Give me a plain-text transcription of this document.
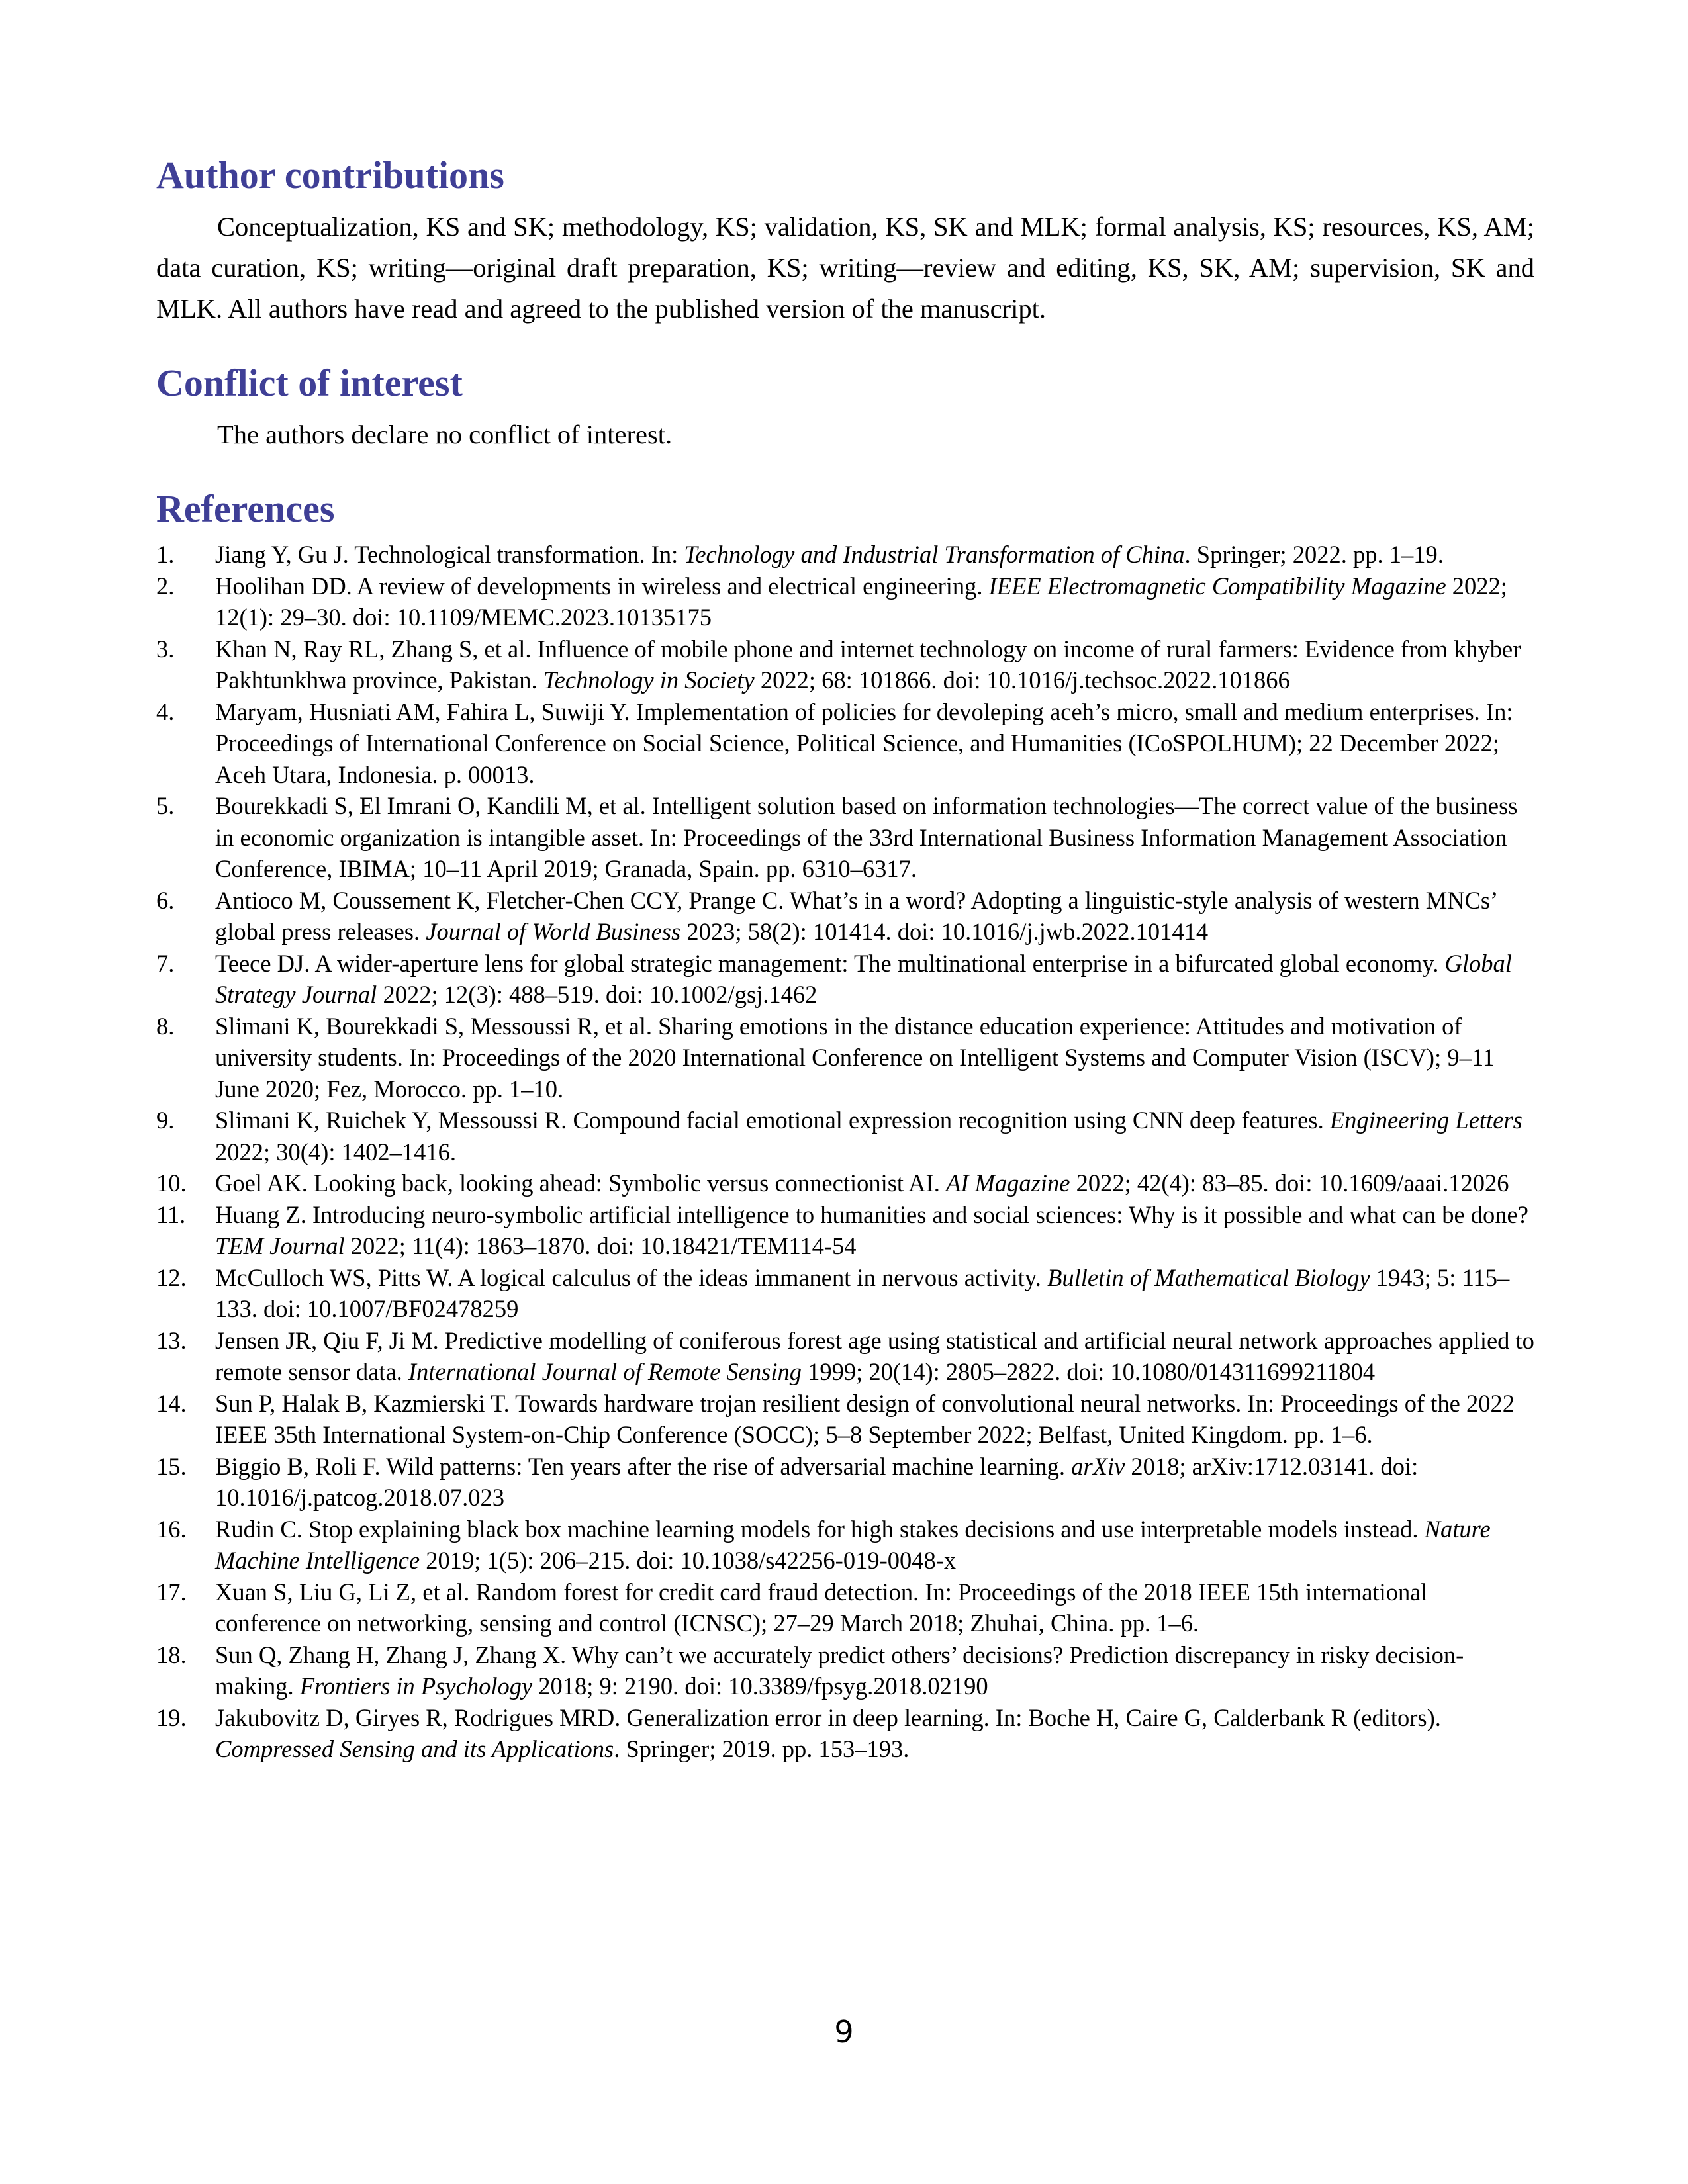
Author contributions

Conceptualization, KS and SK; methodology, KS; validation, KS, SK and MLK; formal analysis, KS; resources, KS, AM; data curation, KS; writing—original draft preparation, KS; writing—review and editing, KS, SK, AM; supervision, SK and MLK. All authors have read and agreed to the published version of the manuscript.

Conflict of interest

The authors declare no conflict of interest.

References
1. Jiang Y, Gu J. Technological transformation. In: Technology and Industrial Transformation of China. Springer; 2022. pp. 1–19.
2. Hoolihan DD. A review of developments in wireless and electrical engineering. IEEE Electromagnetic Compatibility Magazine 2022; 12(1): 29–30. doi: 10.1109/MEMC.2023.10135175
3. Khan N, Ray RL, Zhang S, et al. Influence of mobile phone and internet technology on income of rural farmers: Evidence from khyber Pakhtunkhwa province, Pakistan. Technology in Society 2022; 68: 101866. doi: 10.1016/j.techsoc.2022.101866
4. Maryam, Husniati AM, Fahira L, Suwiji Y. Implementation of policies for devoleping aceh’s micro, small and medium enterprises. In: Proceedings of International Conference on Social Science, Political Science, and Humanities (ICoSPOLHUM); 22 December 2022; Aceh Utara, Indonesia. p. 00013.
5. Bourekkadi S, El Imrani O, Kandili M, et al. Intelligent solution based on information technologies—The correct value of the business in economic organization is intangible asset. In: Proceedings of the 33rd International Business Information Management Association Conference, IBIMA; 10–11 April 2019; Granada, Spain. pp. 6310–6317.
6. Antioco M, Coussement K, Fletcher-Chen CCY, Prange C. What’s in a word? Adopting a linguistic-style analysis of western MNCs’ global press releases. Journal of World Business 2023; 58(2): 101414. doi: 10.1016/j.jwb.2022.101414
7. Teece DJ. A wider-aperture lens for global strategic management: The multinational enterprise in a bifurcated global economy. Global Strategy Journal 2022; 12(3): 488–519. doi: 10.1002/gsj.1462
8. Slimani K, Bourekkadi S, Messoussi R, et al. Sharing emotions in the distance education experience: Attitudes and motivation of university students. In: Proceedings of the 2020 International Conference on Intelligent Systems and Computer Vision (ISCV); 9–11 June 2020; Fez, Morocco. pp. 1–10.
9. Slimani K, Ruichek Y, Messoussi R. Compound facial emotional expression recognition using CNN deep features. Engineering Letters 2022; 30(4): 1402–1416.
10. Goel AK. Looking back, looking ahead: Symbolic versus connectionist AI. AI Magazine 2022; 42(4): 83–85. doi: 10.1609/aaai.12026
11. Huang Z. Introducing neuro-symbolic artificial intelligence to humanities and social sciences: Why is it possible and what can be done? TEM Journal 2022; 11(4): 1863–1870. doi: 10.18421/TEM114-54
12. McCulloch WS, Pitts W. A logical calculus of the ideas immanent in nervous activity. Bulletin of Mathematical Biology 1943; 5: 115–133. doi: 10.1007/BF02478259
13. Jensen JR, Qiu F, Ji M. Predictive modelling of coniferous forest age using statistical and artificial neural network approaches applied to remote sensor data. International Journal of Remote Sensing 1999; 20(14): 2805–2822. doi: 10.1080/014311699211804
14. Sun P, Halak B, Kazmierski T. Towards hardware trojan resilient design of convolutional neural networks. In: Proceedings of the 2022 IEEE 35th International System-on-Chip Conference (SOCC); 5–8 September 2022; Belfast, United Kingdom. pp. 1–6.
15. Biggio B, Roli F. Wild patterns: Ten years after the rise of adversarial machine learning. arXiv 2018; arXiv:1712.03141. doi: 10.1016/j.patcog.2018.07.023
16. Rudin C. Stop explaining black box machine learning models for high stakes decisions and use interpretable models instead. Nature Machine Intelligence 2019; 1(5): 206–215. doi: 10.1038/s42256-019-0048-x
17. Xuan S, Liu G, Li Z, et al. Random forest for credit card fraud detection. In: Proceedings of the 2018 IEEE 15th international conference on networking, sensing and control (ICNSC); 27–29 March 2018; Zhuhai, China. pp. 1–6.
18. Sun Q, Zhang H, Zhang J, Zhang X. Why can’t we accurately predict others’ decisions? Prediction discrepancy in risky decision-making. Frontiers in Psychology 2018; 9: 2190. doi: 10.3389/fpsyg.2018.02190
19. Jakubovitz D, Giryes R, Rodrigues MRD. Generalization error in deep learning. In: Boche H, Caire G, Calderbank R (editors). Compressed Sensing and its Applications. Springer; 2019. pp. 153–193.
9
